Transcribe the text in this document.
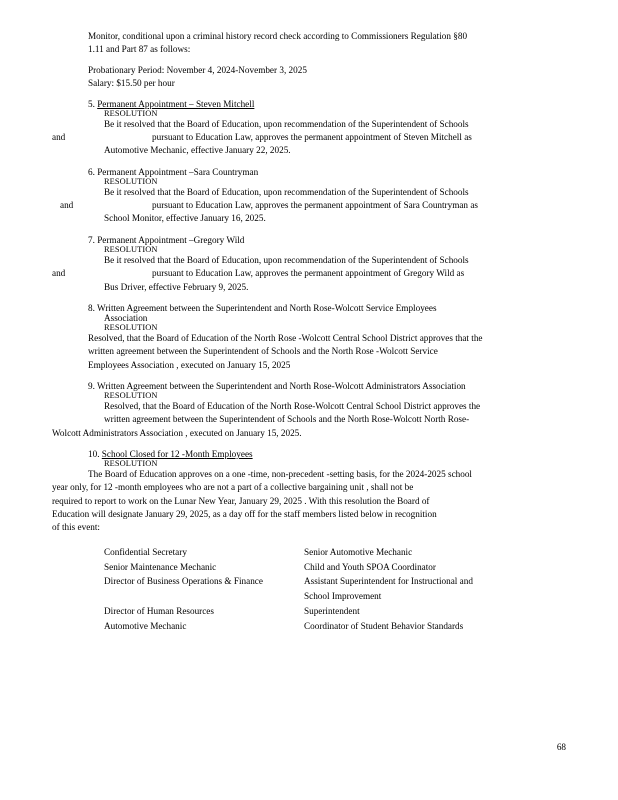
Monitor, conditional upon a criminal history record check according to Commissioners Regulation §80
1.11 and Part 87 as follows:
Probationary Period: November 4, 2024-November 3, 2025
Salary: $15.50 per hour
5. Permanent Appointment – Steven Mitchell
RESOLUTION
Be it resolved that the Board of Education, upon recommendation of the Superintendent of Schools
and	pursuant to Education Law, approves the permanent appointment of Steven Mitchell as
Automotive Mechanic, effective January 22, 2025.
6. Permanent Appointment –Sara Countryman
RESOLUTION
Be it resolved that the Board of Education, upon recommendation of the Superintendent of Schools
and	pursuant to Education Law, approves the permanent appointment of Sara Countryman as
School Monitor, effective January 16, 2025.
7. Permanent Appointment –Gregory Wild
RESOLUTION
Be it resolved that the Board of Education, upon recommendation of the Superintendent of Schools
and	pursuant to Education Law, approves the permanent appointment of Gregory Wild as
Bus Driver, effective February 9, 2025.
8. Written Agreement between the Superintendent and North Rose-Wolcott Service Employees
Association
RESOLUTION
Resolved, that the Board of Education of the North Rose -Wolcott Central School District approves that the
written agreement between the Superintendent of Schools and the North Rose -Wolcott Service
Employees Association , executed on January 15, 2025
9. Written Agreement between the Superintendent and North Rose-Wolcott Administrators Association
RESOLUTION
Resolved, that the Board of Education of the North Rose-Wolcott Central School District approves the
written agreement between the Superintendent of Schools and the North Rose-Wolcott North Rose-
Wolcott Administrators Association , executed on January 15, 2025.
10. School Closed for 12 -Month Employees
RESOLUTION
The Board of Education approves on a one -time, non-precedent -setting basis, for the 2024-2025 school
year only, for 12 -month employees who are not a part of a collective bargaining unit , shall not be
required to report to work on the Lunar New Year, January 29, 2025 . With this resolution the Board of
Education will designate January 29, 2025, as a day off for the staff members listed below in recognition
of this event:
Confidential Secretary	Senior Automotive Mechanic
Senior Maintenance Mechanic	Child and Youth SPOA Coordinator
Director of Business Operations & Finance	Assistant Superintendent for Instructional and
School Improvement
Director of Human Resources	Superintendent
Automotive Mechanic	Coordinator of Student Behavior Standards
68
